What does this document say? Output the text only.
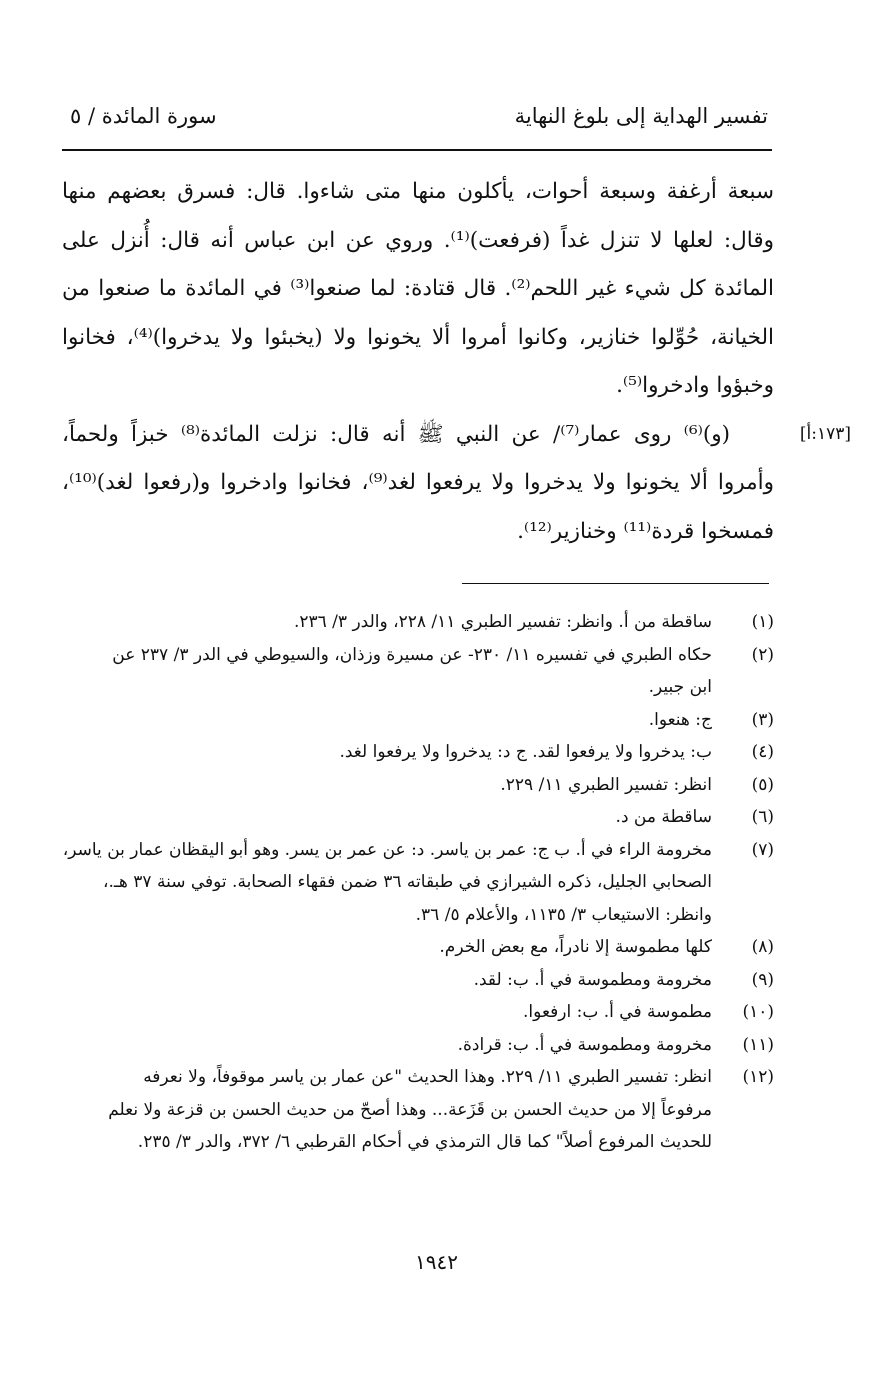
تفسير الهداية إلى بلوغ النهاية
سورة المائدة / ٥
[١٧٣:أ]

سبعة أرغفة وسبعة أحوات، يأكلون منها متى شاءوا. قال: فسرق بعضهم منها وقال: لعلها لا تنزل غداً (فرفعت)⁽¹⁾. وروي عن ابن عباس أنه قال: أُنزل على المائدة كل شيء غير اللحم⁽²⁾. قال قتادة: لما صنعوا⁽³⁾ في المائدة ما صنعوا من الخيانة، حُوِّلوا خنازير، وكانوا أمروا ألا يخونوا ولا (يخبئوا ولا يدخروا)⁽⁴⁾، فخانوا وخبؤوا وادخروا⁽⁵⁾.

(و)⁽⁶⁾ روى عمار⁽⁷⁾/ عن النبي ﷺ أنه قال: نزلت المائدة⁽⁸⁾ خبزاً ولحماً، وأمروا ألا يخونوا ولا يدخروا ولا يرفعوا لغد⁽⁹⁾، فخانوا وادخروا و(رفعوا لغد)⁽¹⁰⁾، فمسخوا قردة⁽¹¹⁾ وخنازير⁽¹²⁾.

(١)
ساقطة من أ. وانظر: تفسير الطبري ١١/ ٢٢٨، والدر ٣/ ٢٣٦.
(٢)
حكاه الطبري في تفسيره ١١/ ٢٣٠- عن مسيرة وزذان، والسيوطي في الدر ٣/ ٢٣٧ عن
ابن جبير.
(٣)
ج: هنعوا.
(٤)
ب: يدخروا ولا يرفعوا لقد. ج د: يدخروا ولا يرفعوا لغد.
(٥)
انظر: تفسير الطبري ١١/ ٢٢٩.
(٦)
ساقطة من د.
(٧)
مخرومة الراء في أ. ب ج: عمر بن ياسر. د: عن عمر بن يسر. وهو أبو اليقظان عمار بن ياسر،
الصحابي الجليل، ذكره الشيرازي في طبقاته ٣٦ ضمن فقهاء الصحابة. توفي سنة ٣٧ هـ.،
وانظر: الاستيعاب ٣/ ١١٣٥، والأعلام ٥/ ٣٦.
(٨)
كلها مطموسة إلا نادراً، مع بعض الخرم.
(٩)
مخرومة ومطموسة في أ. ب: لقد.
(١٠)
مطموسة في أ. ب: ارفعوا.
(١١)
مخرومة ومطموسة في أ. ب: قرادة.
(١٢)
انظر: تفسير الطبري ١١/ ٢٢٩. وهذا الحديث "عن عمار بن ياسر موقوفاً، ولا نعرفه
مرفوعاً إلا من حديث الحسن بن قَزَعة... وهذا أصحّ من حديث الحسن بن قزعة ولا نعلم
للحديث المرفوع أصلاً" كما قال الترمذي في أحكام القرطبي ٦/ ٣٧٢، والدر ٣/ ٢٣٥.
١٩٤٢
